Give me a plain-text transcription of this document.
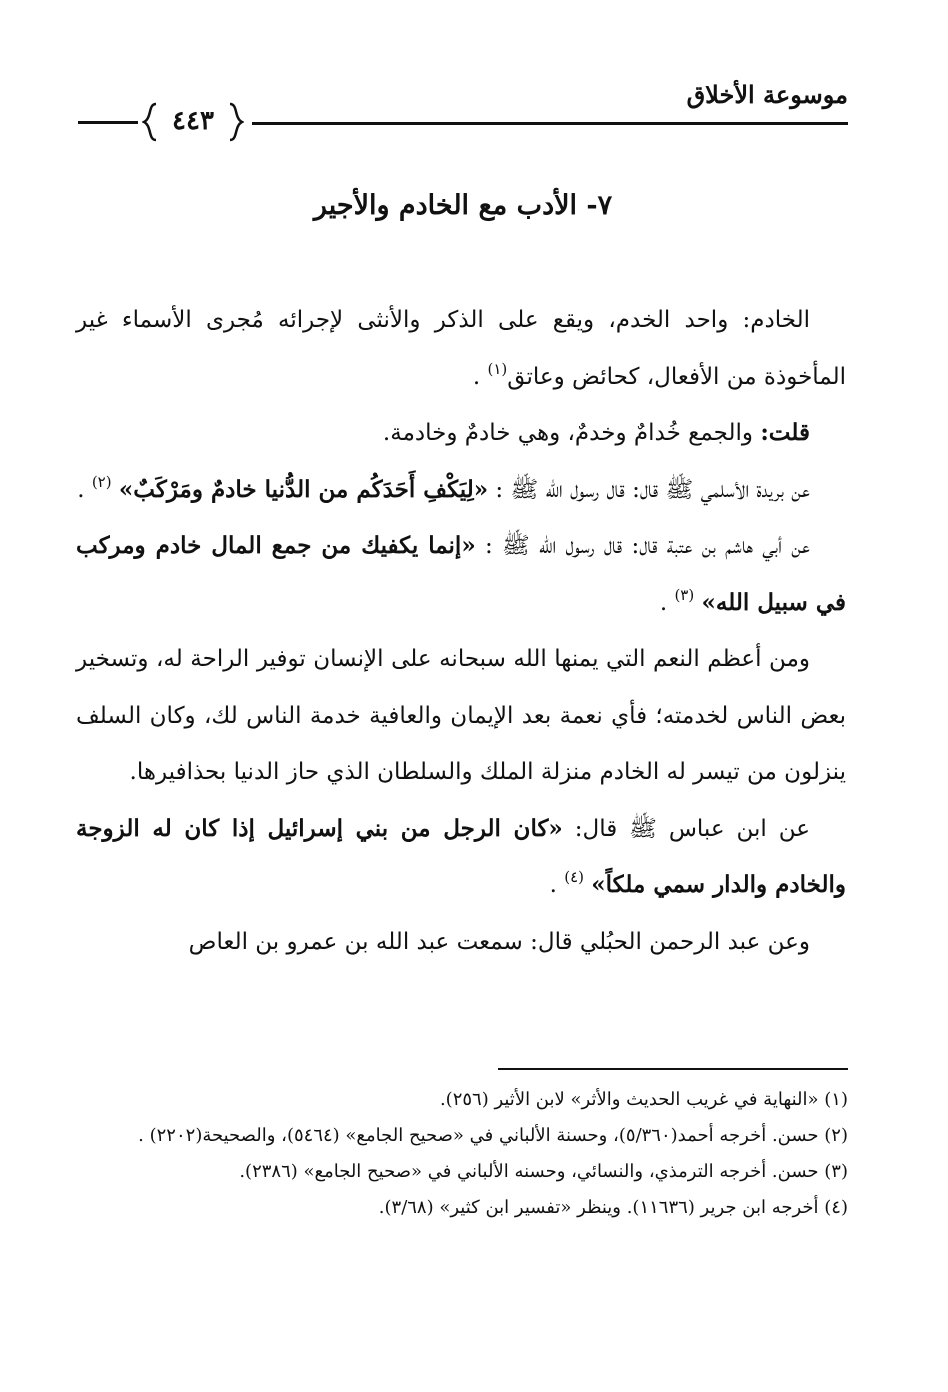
موسوعة الأخلاق
٤٤٣
٧- الأدب مع الخادم والأجير

الخادم: واحد الخدم، ويقع على الذكر والأنثى لإجرائه مُجرى الأسماء غير المأخوذة من الأفعال، كحائض وعاتق$^{(١)}$ .

قلت: والجمع خُدامٌ وخدمٌ، وهي خادمٌ وخادمة.

عن بريدة الأسلمي ﷺ قال: قال رسول الله ﷺ : «لِيَكْفِ أَحَدَكُم من الدُّنيا خادمٌ ومَرْكَبٌ» $^{(٢)}$ .

عن أبي هاشم بن عتبة قال: قال رسول الله ﷺ : «إنما يكفيك من جمع المال خادم ومركب في سبيل الله» $^{(٣)}$ .

ومن أعظم النعم التي يمنها الله سبحانه على الإنسان توفير الراحة له، وتسخير بعض الناس لخدمته؛ فأي نعمة بعد الإيمان والعافية خدمة الناس لك، وكان السلف ينزلون من تيسر له الخادم منزلة الملك والسلطان الذي حاز الدنيا بحذافيرها.

عن ابن عباس ﷺ قال: «كان الرجل من بني إسرائيل إذا كان له الزوجة والخادم والدار سمي ملكاً» $^{(٤)}$ .

وعن عبد الرحمن الحبُلي قال: سمعت عبد الله بن عمرو بن العاص

(١) «النهاية في غريب الحديث والأثر» لابن الأثير (٢٥٦).

(٢) حسن. أخرجه أحمد(٥/٣٦٠)، وحسنة الألباني في «صحيح الجامع» (٥٤٦٤)، والصحيحة(٢٢٠٢) .

(٣) حسن. أخرجه الترمذي، والنسائي، وحسنه الألباني في «صحيح الجامع» (٢٣٨٦).

(٤) أخرجه ابن جرير (١١٦٣٦). وينظر «تفسير ابن كثير» (٣/٦٨).
